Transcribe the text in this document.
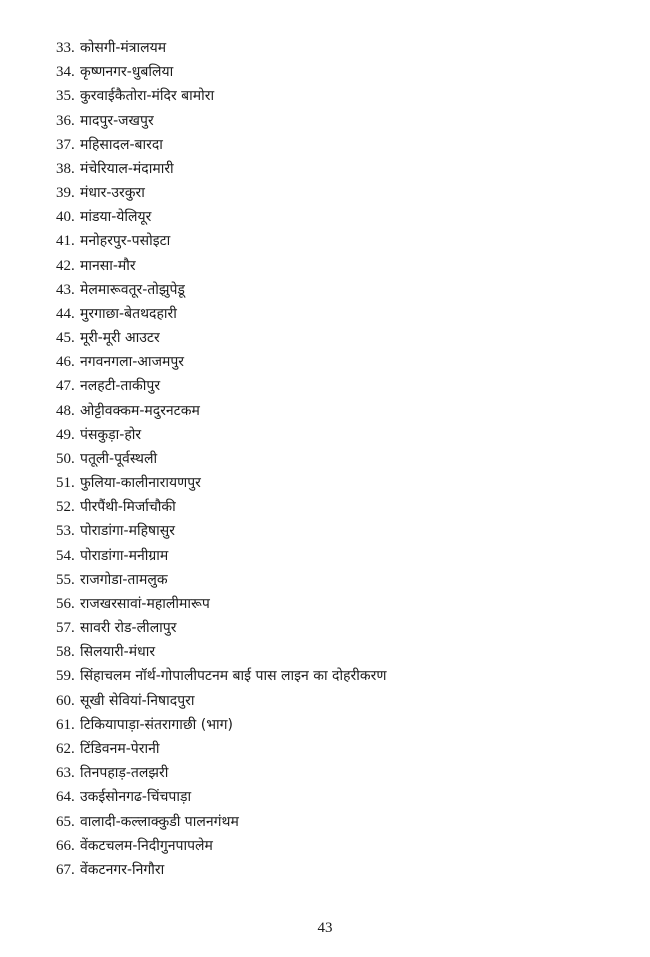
33. कोसगी-मंत्रालयम
34. कृष्णनगर-धुबलिया
35. कुरवाईकैतोरा-मंदिर बामोरा
36. मादपुर-जखपुर
37. महिसादल-बारदा
38. मंचेरियाल-मंदामारी
39. मंधार-उरकुरा
40. मांडया-येलियूर
41. मनोहरपुर-पसोइटा
42. मानसा-मौर
43. मेलमारूवतूर-तोझुपेडू
44. मुरगाछा-बेतथदहारी
45. मूरी-मूरी आउटर
46. नगवनगला-आजमपुर
47. नलहटी-ताकीपुर
48. ओट्टीवक्कम-मदुरनटकम
49. पंसकुड़ा-होर
50. पतूली-पूर्वस्थली
51. फुलिया-कालीनारायणपुर
52. पीरपैंथी-मिर्जाचौकी
53. पोराडांगा-महिषासुर
54. पोराडांगा-मनीग्राम
55. राजगोडा-तामलुक
56. राजखरसावां-महालीमारूप
57. सावरी रोड-लीलापुर
58. सिलयारी-मंधार
59. सिंहाचलम नॉर्थ-गोपालीपटनम बाई पास लाइन का दोहरीकरण
60. सूखी सेवियां-निषादपुरा
61. टिकियापाड़ा-संतरागाछी (भाग)
62. टिंडिवनम-पेरानी
63. तिनपहाड़-तलझरी
64. उकईसोनगढ-चिंचपाड़ा
65. वालादी-कल्लाक्कुडी पालनगंथम
66. वेंकटचलम-निदीगुनपापलेम
67. वेंकटनगर-निगौरा
43
